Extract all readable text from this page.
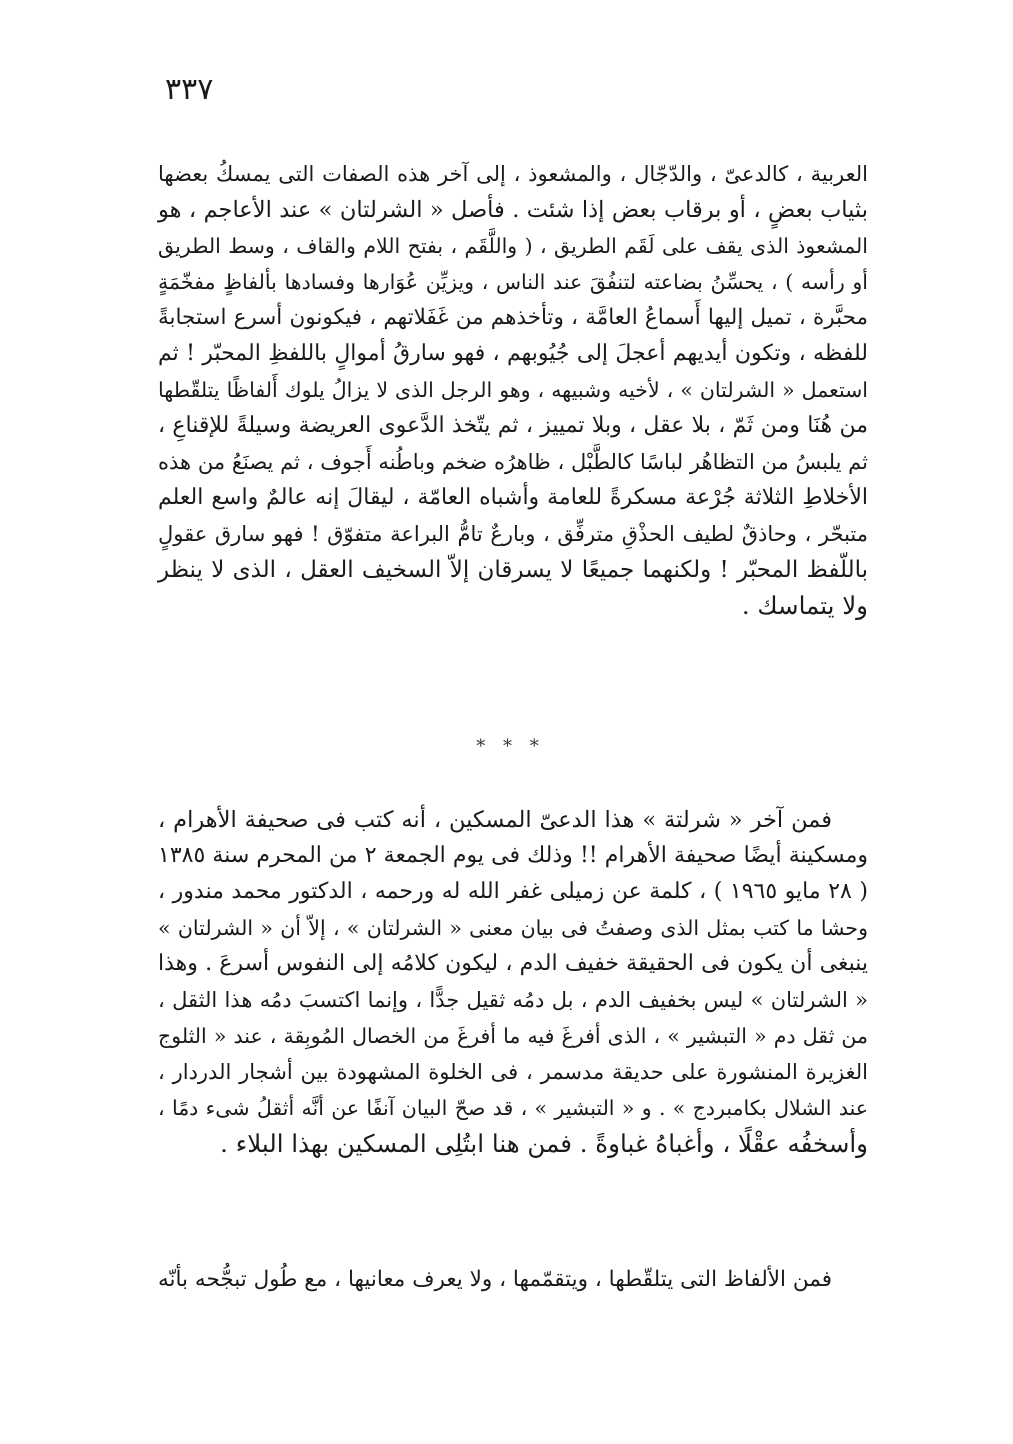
٣٣٧
العربية ، كالدعىّ ، والدّجّال ، والمشعوذ ، إلى آخر هذه الصفات التى يمسكُ بعضها
بثياب بعضٍ ، أو برقاب بعض إذا شئت . فأصل « الشرلتان » عند الأعاجم ، هو
المشعوذ الذى يقف على لَقَم الطريق ، ( واللَّقَم ، بفتح اللام والقاف ، وسط الطريق
أو رأسه ) ، يحسِّنُ بضاعته لتنفُقَ عند الناس ، ويزيِّن عُوَارها وفسادها بألفاظٍ مفخّمَةٍ
محبَّرة ، تميل إليها أَسماعُ العامَّة ، وتأخذهم من غَفَلاتهم ، فيكونون أسرع استجابةً
للفظه ، وتكون أيديهم أعجلَ إلى جُيُوبهم ، فهو سارقُ أموالٍ باللفظِ المحبّر ! ثم
استعمل « الشرلتان » ، لأخيه وشبيهه ، وهو الرجل الذى لا يزالُ يلوك أَلفاظًا يتلقّطها
من هُنَا ومن ثَمّ ، بلا عقل ، وبلا تمييز ، ثم يتّخذ الدَّعوى العريضة وسيلةً للإقناعِ ،
ثم يلبسُ من التظاهُر لباسًا كالطَّبْل ، ظاهرُه ضخم وباطُنه أَجوف ، ثم يصنَعُ من هذه
الأخلاطِ الثلاثة جُرْعة مسكرةً للعامة وأشباه العامّة ، ليقالَ إنه عالمٌ واسع العلم
متبحّر ، وحاذقٌ لطيف الحذْقِ مترفِّق ، وبارعٌ تامُّ البراعة متفوّق ! فهو سارق عقولٍ
باللّفظ المحبّر ! ولكنهما جميعًا لا يسرقان إلاّ السخيف العقل ، الذى لا ينظر
ولا يتماسك .
* * *
فمن آخر « شرلتة » هذا الدعىّ المسكين ، أنه كتب فى صحيفة الأهرام ،
ومسكينة أيضًا صحيفة الأهرام !! وذلك فى يوم الجمعة ٢ من المحرم سنة ١٣٨٥
( ٢٨ مايو ١٩٦٥ ) ، كلمة عن زميلى غفر الله له ورحمه ، الدكتور محمد مندور ،
وحشا ما كتب بمثل الذى وصفتُ فى بيان معنى « الشرلتان » ، إلاّ أن « الشرلتان »
ينبغى أن يكون فى الحقيقة خفيف الدم ، ليكون كلامُه إلى النفوس أسرعَ . وهذا
« الشرلتان » ليس بخفيف الدم ، بل دمُه ثقيل جدًّا ، وإنما اكتسبَ دمُه هذا الثقل ،
من ثقل دم « التبشير » ، الذى أفرغَ فيه ما أفرغَ من الخصال المُوبِقة ، عند « الثلوج
الغزيرة المنشورة على حديقة مدسمر ، فى الخلوة المشهودة بين أشجار الدردار ،
عند الشلال بكامبردج » . و « التبشير » ، قد صحّ البيان آنفًا عن أنَّه أثقلُ شىء دمًا ،
وأسخفُه عقْلًا ، وأغباهُ غباوةً . فمن هنا ابتُلِى المسكين بهذا البلاء .
فمن الألفاظ التى يتلقّطها ، ويتقمّمها ، ولا يعرف معانيها ، مع طُول تبجُّحه بأنّه
